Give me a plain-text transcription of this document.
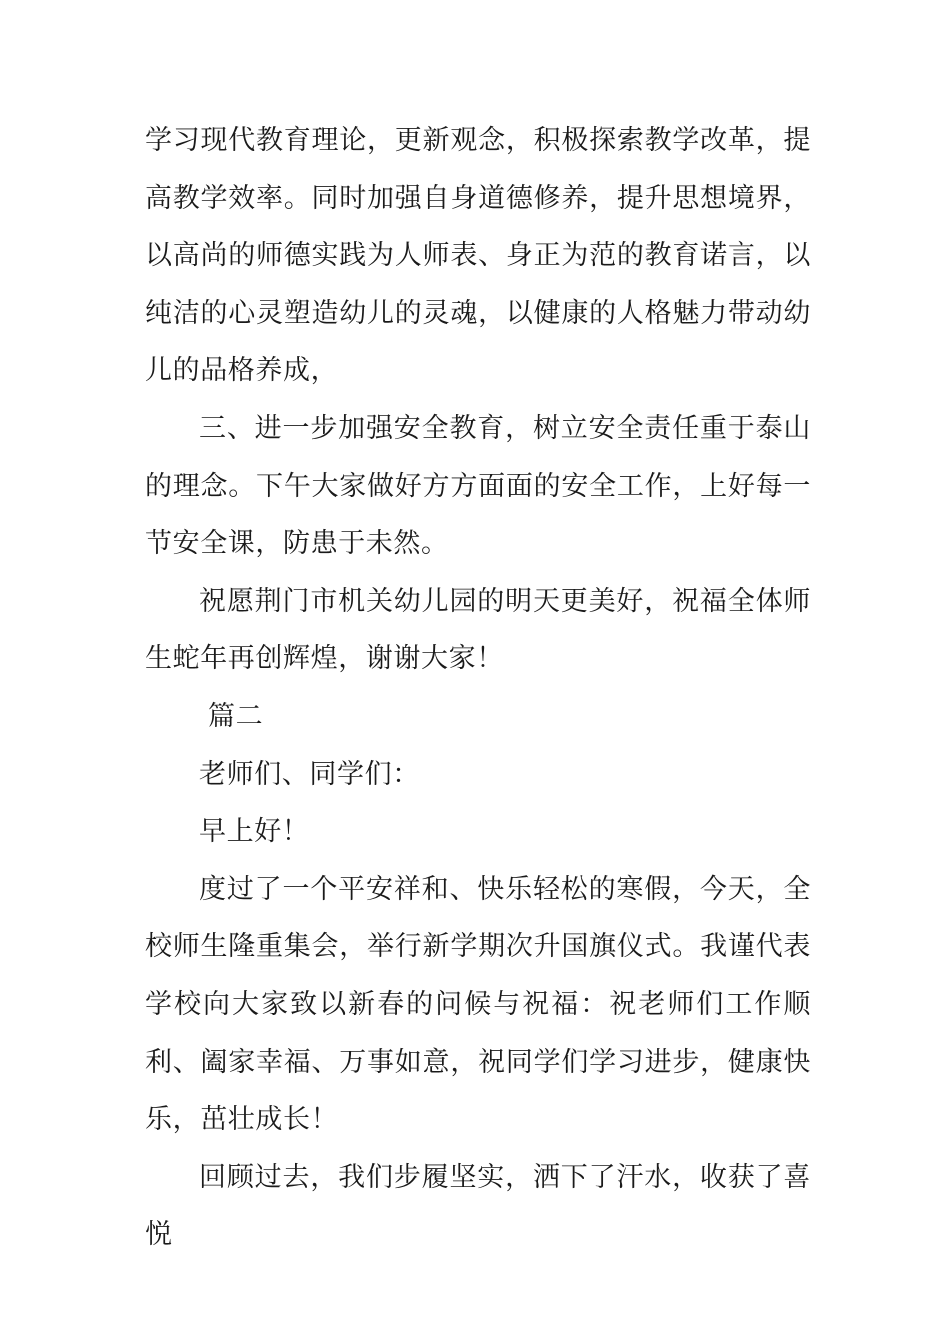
学习现代教育理论，更新观念，积极探索教学改革，提高教学效率。同时加强自身道德修养，提升思想境界，以高尚的师德实践为人师表、身正为范的教育诺言，以纯洁的心灵塑造幼儿的灵魂，以健康的人格魅力带动幼儿的品格养成，

三、进一步加强安全教育，树立安全责任重于泰山的理念。下午大家做好方方面面的安全工作，上好每一节安全课，防患于未然。

祝愿荆门市机关幼儿园的明天更美好，祝福全体师生蛇年再创辉煌，谢谢大家！

篇二

老师们、同学们：

早上好！

度过了一个平安祥和、快乐轻松的寒假，今天，全校师生隆重集会，举行新学期次升国旗仪式。我谨代表学校向大家致以新春的问候与祝福：祝老师们工作顺利、阖家幸福、万事如意，祝同学们学习进步，健康快乐，茁壮成长！

回顾过去，我们步履坚实，洒下了汗水，收获了喜悦
